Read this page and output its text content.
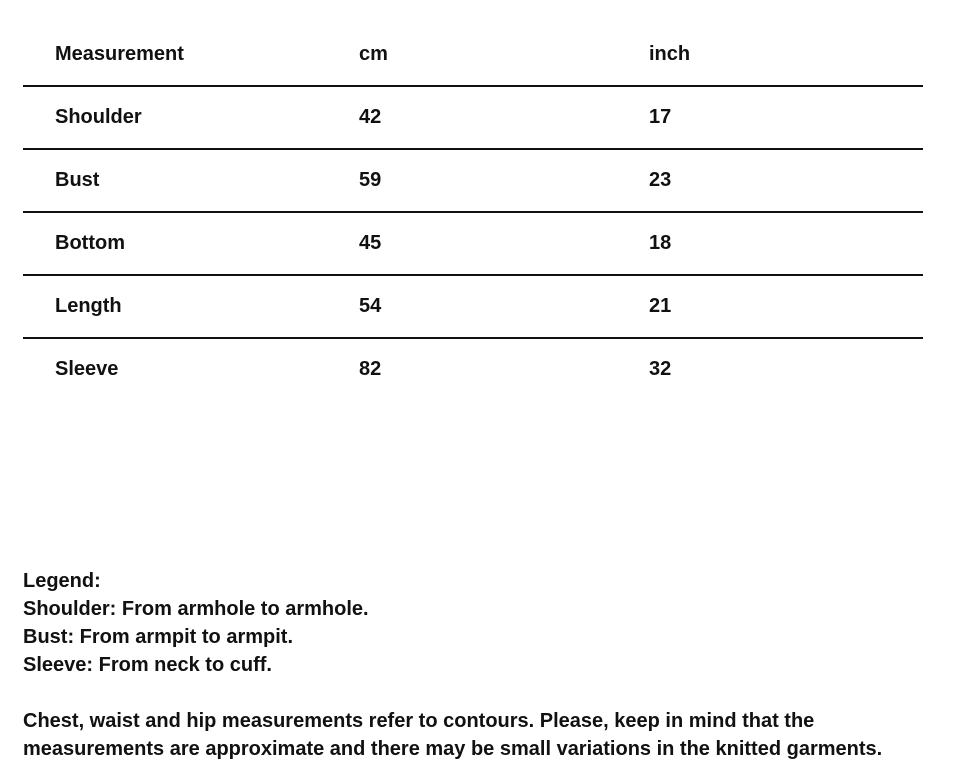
Measurement	cm	inch
Shoulder	42	17
Bust	59	23
Bottom	45	18
Length	54	21
Sleeve	82	32

Legend:

Shoulder: From armhole to armhole.

Bust: From armpit to armpit.

Sleeve: From neck to cuff.

Chest, waist and hip measurements refer to contours. Please, keep in mind that the

measurements are approximate and there may be small variations in the knitted garments.
